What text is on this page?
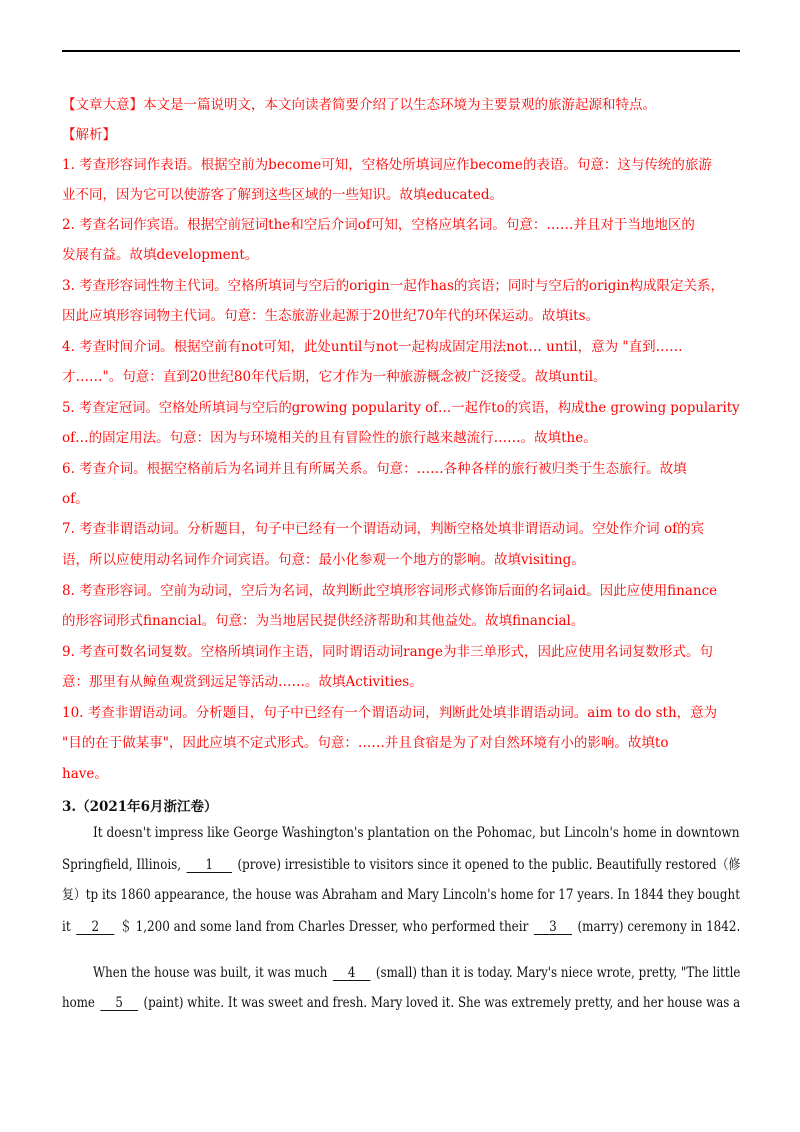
【文章大意】本文是一篇说明文，本文向读者简要介绍了以生态环境为主要景观的旅游起源和特点。
【解析】
1. 考查形容词作表语。根据空前为become可知，空格处所填词应作become的表语。句意：这与传统的旅游
业不同，因为它可以使游客了解到这些区域的一些知识。故填educated。
2. 考查名词作宾语。根据空前冠词the和空后介词of可知，空格应填名词。句意：……并且对于当地地区的
发展有益。故填development。
3. 考查形容词性物主代词。空格所填词与空后的origin一起作has的宾语；同时与空后的origin构成限定关系，
因此应填形容词物主代词。句意：生态旅游业起源于20世纪70年代的环保运动。故填its。
4. 考查时间介词。根据空前有not可知，此处until与not一起构成固定用法not… until，意为 "直到……
才……"。句意：直到20世纪80年代后期，它才作为一种旅游概念被广泛接受。故填until。
5. 考查定冠词。空格处所填词与空后的growing popularity of…一起作to的宾语，构成the growing popularity
of…的固定用法。句意：因为与环境相关的且有冒险性的旅行越来越流行……。故填the。
6. 考查介词。根据空格前后为名词并且有所属关系。句意：……各种各样的旅行被归类于生态旅行。故填
of。
7. 考查非谓语动词。分析题目，句子中已经有一个谓语动词，判断空格处填非谓语动词。空处作介词 of的宾
语，所以应使用动名词作介词宾语。句意：最小化参观一个地方的影响。故填visiting。
8. 考查形容词。空前为动词，空后为名词，故判断此空填形容词形式修饰后面的名词aid。因此应使用finance
的形容词形式financial。句意：为当地居民提供经济帮助和其他益处。故填financial。
9. 考查可数名词复数。空格所填词作主语，同时谓语动词range为非三单形式，因此应使用名词复数形式。句
意：那里有从鲸鱼观赏到远足等活动……。故填Activities。
10. 考查非谓语动词。分析题目，句子中已经有一个谓语动词，判断此处填非谓语动词。aim to do sth，意为
"目的在于做某事"，因此应填不定式形式。句意：……并且食宿是为了对自然环境有小的影响。故填to
have。
3.（2021年6月浙江卷）
It doesn't impress like George Washington's plantation on the Pohomac, but Lincoln's home in downtown
Springfield, Illinois,      1      (prove) irresistible to visitors since it opened to the public. Beautifully restored（修
复）tp its 1860 appearance, the house was Abraham and Mary Lincoln's home for 17 years. In 1844 they bought
it     2     ＄ 1,200 and some land from Charles Dresser, who performed their     3     (marry) ceremony in 1842.
When the house was built, it was much     4     (small) than it is today. Mary's niece wrote, pretty, "The little
home     5     (paint) white. It was sweet and fresh. Mary loved it. She was extremely pretty, and her house was a
